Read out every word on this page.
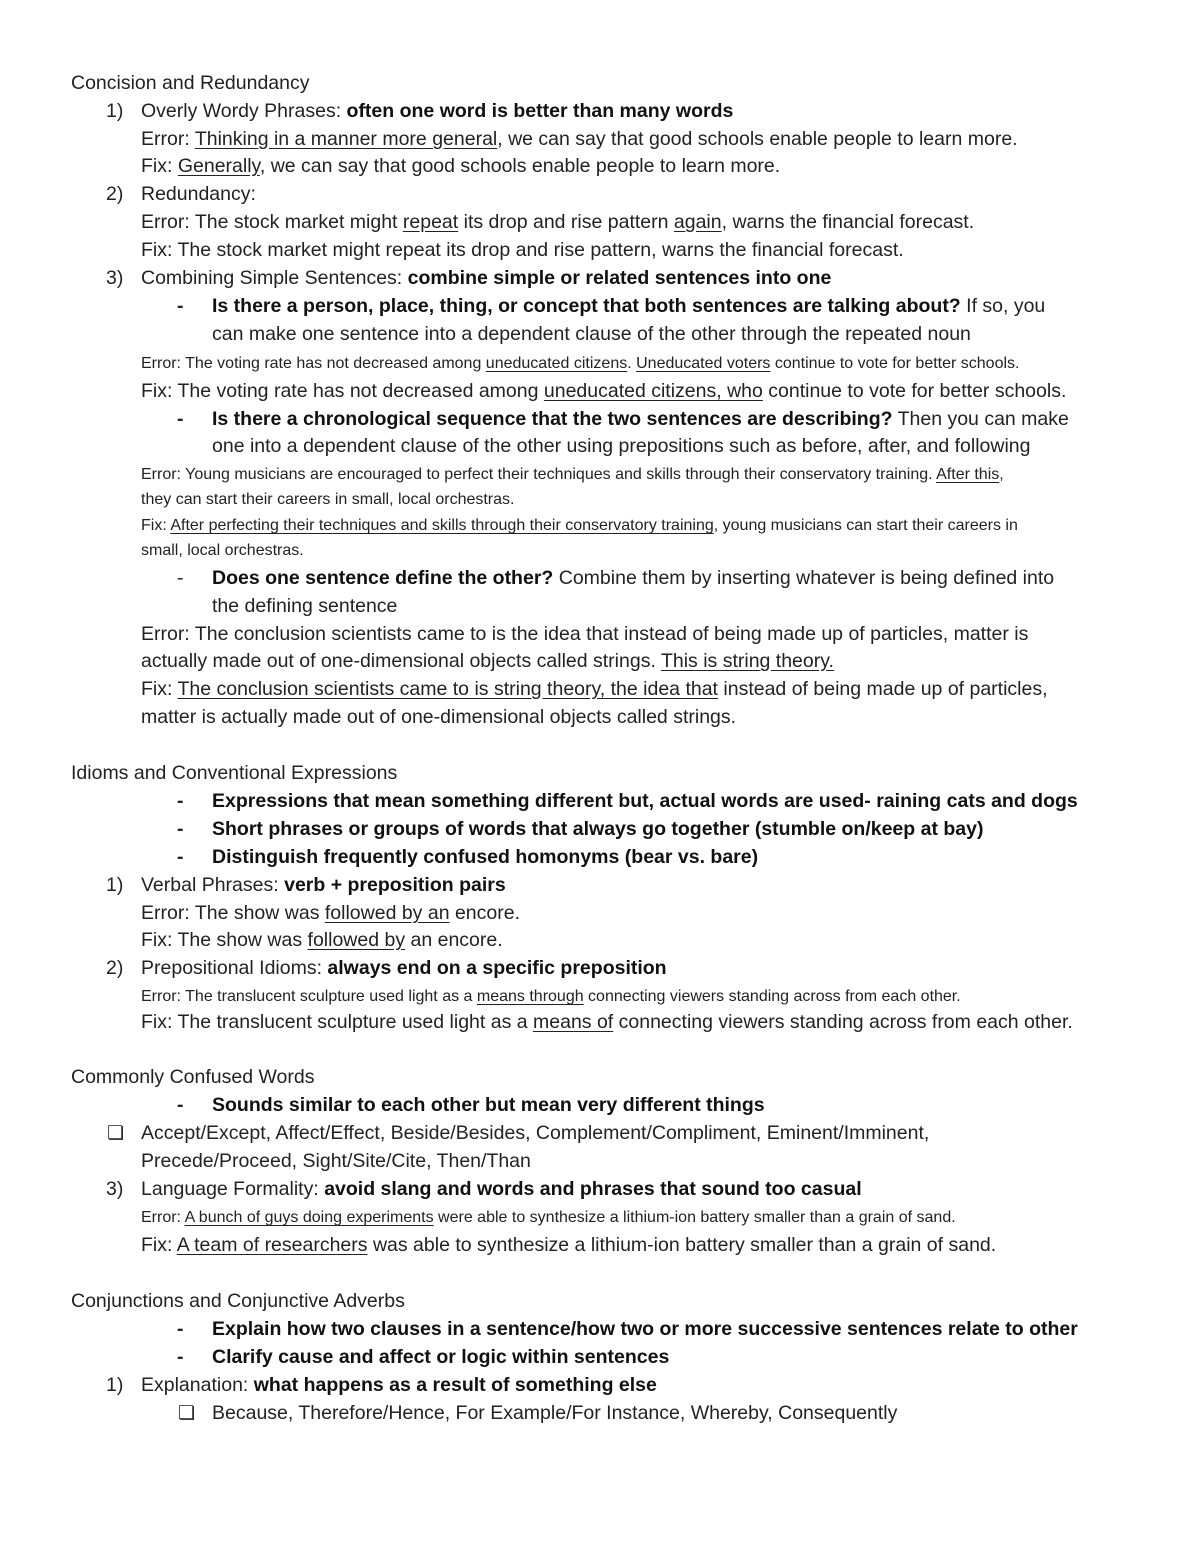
Concision and Redundancy
1) Overly Wordy Phrases: often one word is better than many words
Error: Thinking in a manner more general, we can say that good schools enable people to learn more.
Fix: Generally, we can say that good schools enable people to learn more.
2) Redundancy:
Error: The stock market might repeat its drop and rise pattern again, warns the financial forecast.
Fix: The stock market might repeat its drop and rise pattern, warns the financial forecast.
3) Combining Simple Sentences: combine simple or related sentences into one
- Is there a person, place, thing, or concept that both sentences are talking about? If so, you
can make one sentence into a dependent clause of the other through the repeated noun
Error: The voting rate has not decreased among uneducated citizens. Uneducated voters continue to vote for better schools.
Fix: The voting rate has not decreased among uneducated citizens, who continue to vote for better schools.
- Is there a chronological sequence that the two sentences are describing? Then you can make
one into a dependent clause of the other using prepositions such as before, after, and following
Error: Young musicians are encouraged to perfect their techniques and skills through their conservatory training. After this,
they can start their careers in small, local orchestras.
Fix: After perfecting their techniques and skills through their conservatory training, young musicians can start their careers in
small, local orchestras.
- Does one sentence define the other? Combine them by inserting whatever is being defined into
the defining sentence
Error: The conclusion scientists came to is the idea that instead of being made up of particles, matter is
actually made out of one-dimensional objects called strings. This is string theory.
Fix: The conclusion scientists came to is string theory, the idea that instead of being made up of particles,
matter is actually made out of one-dimensional objects called strings.
Idioms and Conventional Expressions
- Expressions that mean something different but, actual words are used- raining cats and dogs
- Short phrases or groups of words that always go together (stumble on/keep at bay)
- Distinguish frequently confused homonyms (bear vs. bare)
1) Verbal Phrases: verb + preposition pairs
Error: The show was followed by an encore.
Fix: The show was followed by an encore.
2) Prepositional Idioms: always end on a specific preposition
Error: The translucent sculpture used light as a means through connecting viewers standing across from each other.
Fix: The translucent sculpture used light as a means of connecting viewers standing across from each other.
Commonly Confused Words
- Sounds similar to each other but mean very different things
❏ Accept/Except, Affect/Effect, Beside/Besides, Complement/Compliment, Eminent/Imminent,
Precede/Proceed, Sight/Site/Cite, Then/Than
3) Language Formality: avoid slang and words and phrases that sound too casual
Error: A bunch of guys doing experiments were able to synthesize a lithium-ion battery smaller than a grain of sand.
Fix: A team of researchers was able to synthesize a lithium-ion battery smaller than a grain of sand.
Conjunctions and Conjunctive Adverbs
- Explain how two clauses in a sentence/how two or more successive sentences relate to other
- Clarify cause and affect or logic within sentences
1) Explanation: what happens as a result of something else
❏ Because, Therefore/Hence, For Example/For Instance, Whereby, Consequently
